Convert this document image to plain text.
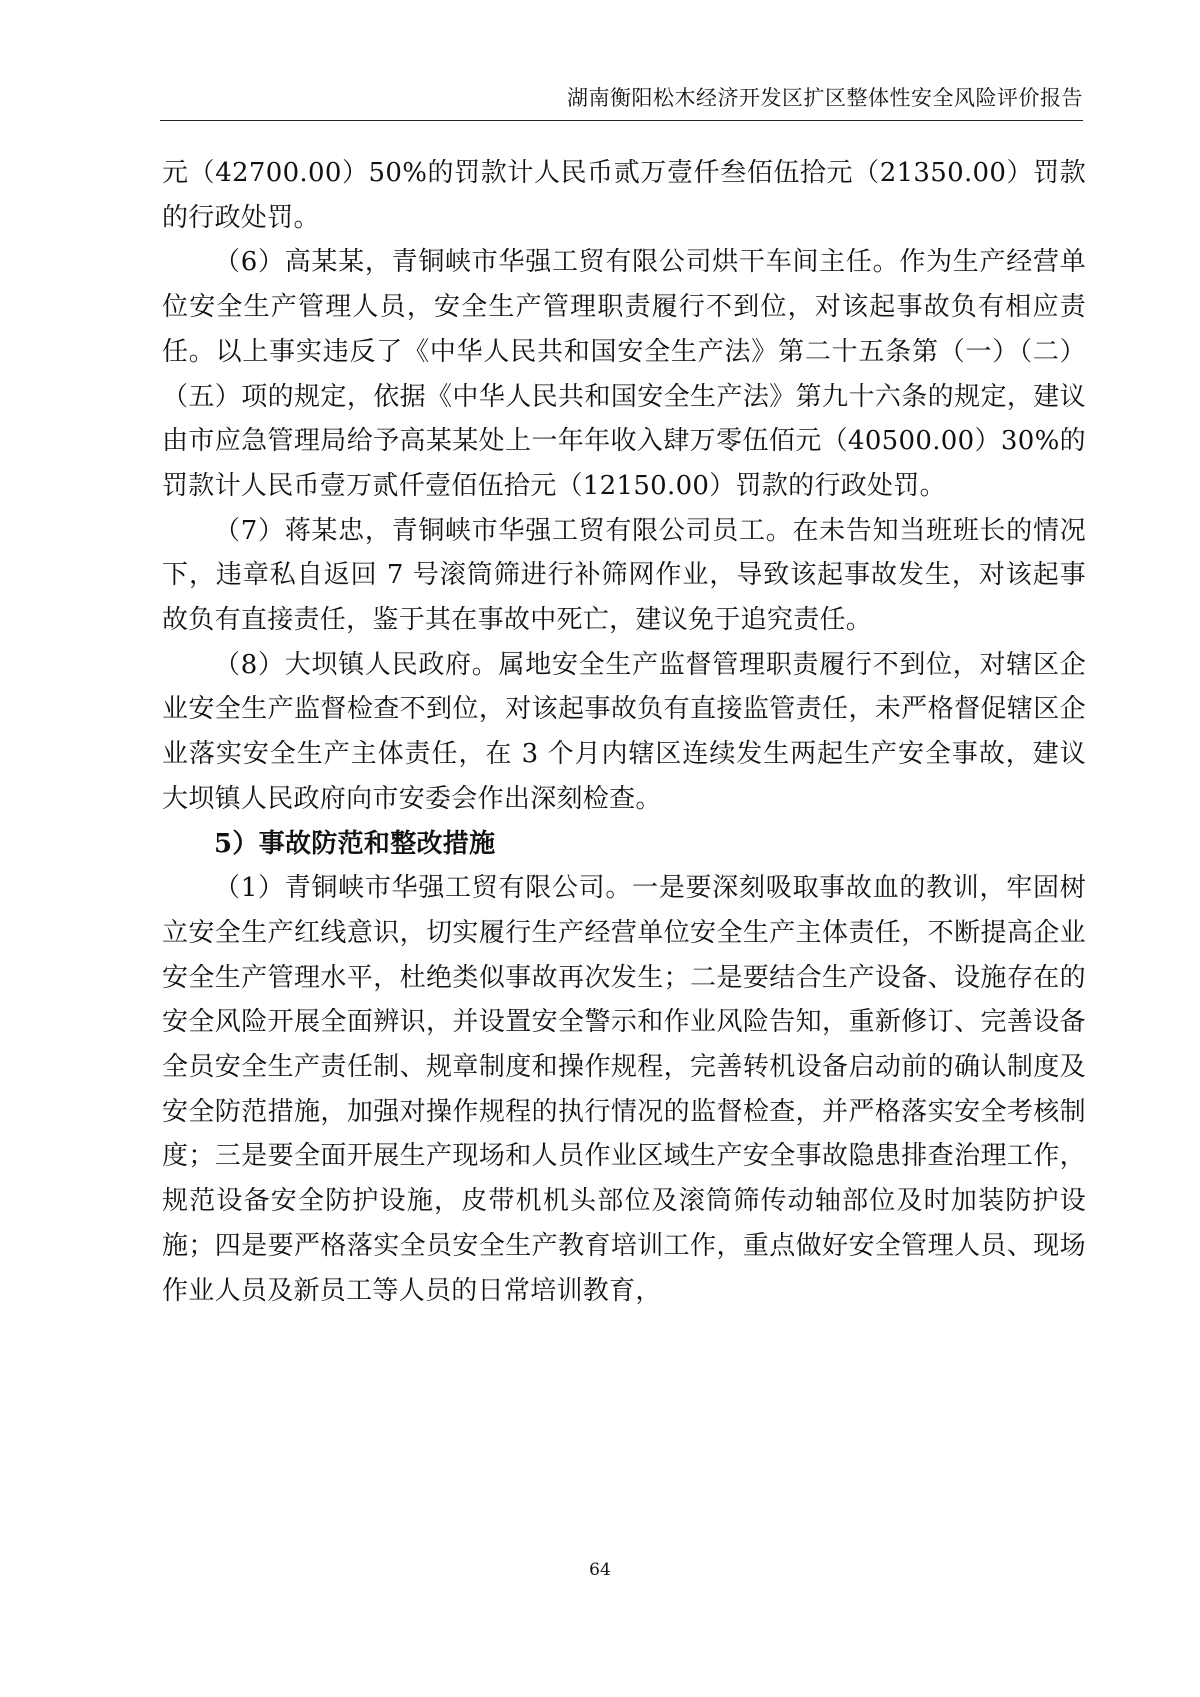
湖南衡阳松木经济开发区扩区整体性安全风险评价报告

元（42700.00）50%的罚款计人民币贰万壹仟叁佰伍拾元（21350.00）罚款的行政处罚。

（6）高某某，青铜峡市华强工贸有限公司烘干车间主任。作为生产经营单位安全生产管理人员，安全生产管理职责履行不到位，对该起事故负有相应责任。以上事实违反了《中华人民共和国安全生产法》第二十五条第（一）（二）（五）项的规定，依据《中华人民共和国安全生产法》第九十六条的规定，建议由市应急管理局给予高某某处上一年年收入肆万零伍佰元（40500.00）30%的罚款计人民币壹万贰仟壹佰伍拾元（12150.00）罚款的行政处罚。

（7）蒋某忠，青铜峡市华强工贸有限公司员工。在未告知当班班长的情况下，违章私自返回 7 号滚筒筛进行补筛网作业，导致该起事故发生，对该起事故负有直接责任，鉴于其在事故中死亡，建议免于追究责任。

（8）大坝镇人民政府。属地安全生产监督管理职责履行不到位，对辖区企业安全生产监督检查不到位，对该起事故负有直接监管责任，未严格督促辖区企业落实安全生产主体责任，在 3 个月内辖区连续发生两起生产安全事故，建议大坝镇人民政府向市安委会作出深刻检查。

5）事故防范和整改措施

（1）青铜峡市华强工贸有限公司。一是要深刻吸取事故血的教训，牢固树立安全生产红线意识，切实履行生产经营单位安全生产主体责任，不断提高企业安全生产管理水平，杜绝类似事故再次发生；二是要结合生产设备、设施存在的安全风险开展全面辨识，并设置安全警示和作业风险告知，重新修订、完善设备全员安全生产责任制、规章制度和操作规程，完善转机设备启动前的确认制度及安全防范措施，加强对操作规程的执行情况的监督检查，并严格落实安全考核制度；三是要全面开展生产现场和人员作业区域生产安全事故隐患排查治理工作，规范设备安全防护设施，皮带机机头部位及滚筒筛传动轴部位及时加装防护设施；四是要严格落实全员安全生产教育培训工作，重点做好安全管理人员、现场作业人员及新员工等人员的日常培训教育，

64
